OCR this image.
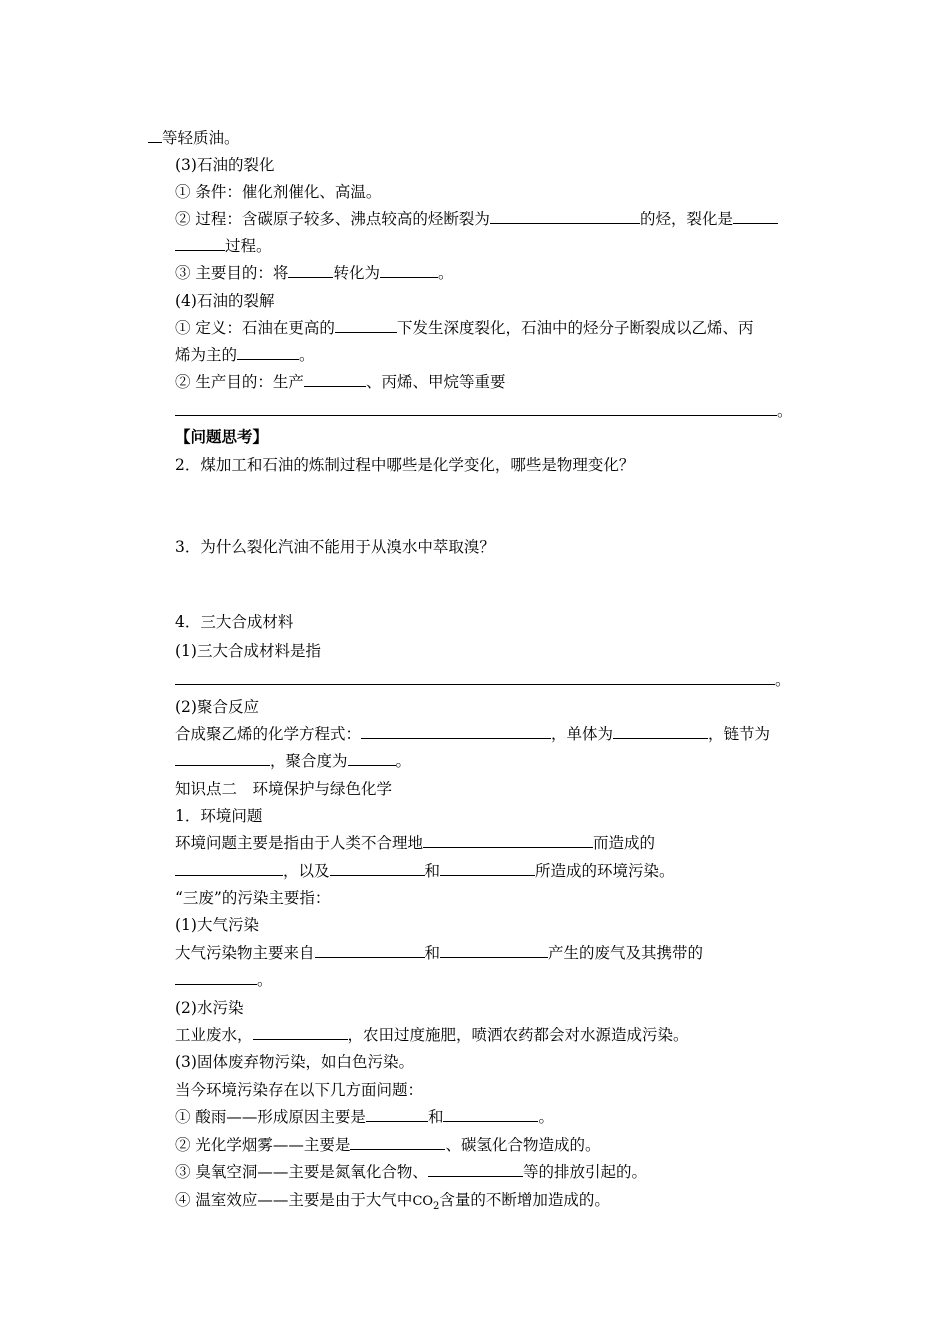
等轻质油。
(3)石油的裂化
① 条件：催化剂催化、高温。
② 过程：含碳原子较多、沸点较高的烃断裂为	的烃，裂化是
过程。
③ 主要目的：将	转化为	。
(4)石油的裂解
① 定义：石油在更高的	下发生深度裂化，石油中的烃分子断裂成以乙烯、丙
烯为主的	。
② 生产目的：生产	、丙烯、甲烷等重要
。
【问题思考】
2．煤加工和石油的炼制过程中哪些是化学变化，哪些是物理变化？
3．为什么裂化汽油不能用于从溴水中萃取溴？
4．三大合成材料
(1)三大合成材料是指
。
(2)聚合反应
合成聚乙烯的化学方程式：	，单体为	，链节为
，聚合度为	。
知识点二　环境保护与绿色化学
1．环境问题
环境问题主要是指由于人类不合理地	而造成的
，以及	和	所造成的环境污染。
“三废”的污染主要指：
(1)大气污染
大气污染物主要来自	和	产生的废气及其携带的
。
(2)水污染
工业废水，	，农田过度施肥，喷洒农药都会对水源造成污染。
(3)固体废弃物污染，如白色污染。
当今环境污染存在以下几方面问题：
① 酸雨——形成原因主要是	和	。
② 光化学烟雾——主要是	、碳氢化合物造成的。
③ 臭氧空洞——主要是氮氧化合物、	等的排放引起的。
④ 温室效应——主要是由于大气中$CO_2$含量的不断增加造成的。
